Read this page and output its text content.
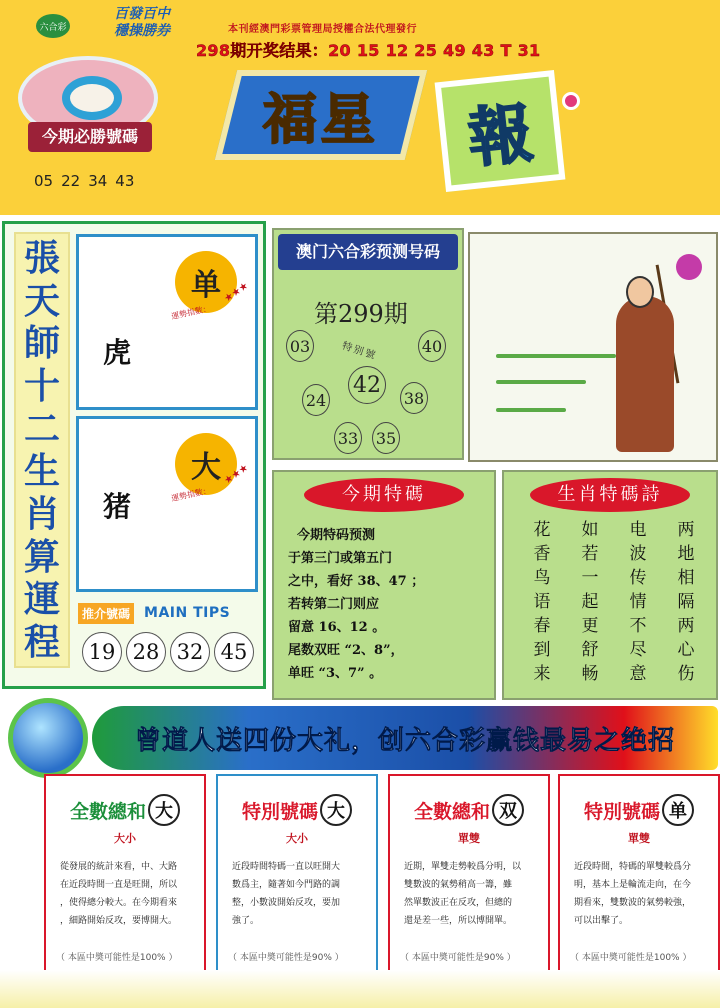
六合彩
百發百中
穩操勝券	本刊經澳門彩票管理局授權合法代理發行
298期开奖结果：20 15 12 25 49 43 T 31
今期必勝號碼
05 22 34 43
福星 報
張
天
師
十
二
生
肖
算
運
程
单
運勢指數：
★★★
虎
大
運勢指數：
★★★
猪
推介號碼 MAIN TIPS
19 28 32 45
澳门六合彩预测号码
第299期
特别號
03	40
42
24	38
33 35
今期特碼
今期特码预测
于第三门或第五门
之中，看好 38、47 ；
若转第二门则应
留意 16、12 。
尾数双旺 “2、8”，
单旺 “3、7” 。
生肖特碼詩
花	如	电	两
香	若	波	地
鸟	一	传	相
语	起	情	隔
春	更	不	两
到	舒	尽	心
来	畅	意	伤
曾道人送四份大礼，创六合彩赢钱最易之绝招
全數總和 大
大小
從發展的統計來看，中、大路
在近段時間一直是旺開，所以
，使得總分較大。在今期看來
，細路開始反攻，要博開大。
（ 本區中奬可能性是100% ）
特別號碼 大
大小
近段時間特碼一直以旺開大
數爲主，隨著如今門路的調
整，小數波開始反攻，要加
強了。
（ 本區中奬可能性是90% ）
全數總和 双
單雙
近期，單雙走勢較爲分明，以
雙數波的氣勢稍高一籌，雖
然單數波正在反攻，但總的
還是差一些，所以博開單。
（ 本區中奬可能性是90% ）
特別號碼 单
單雙
近段時間，特碼的單雙較爲分
明，基本上是輪流走向，在今
期看來，雙數波的氣勢較強，
可以出擊了。
（ 本區中奬可能性是100% ）
